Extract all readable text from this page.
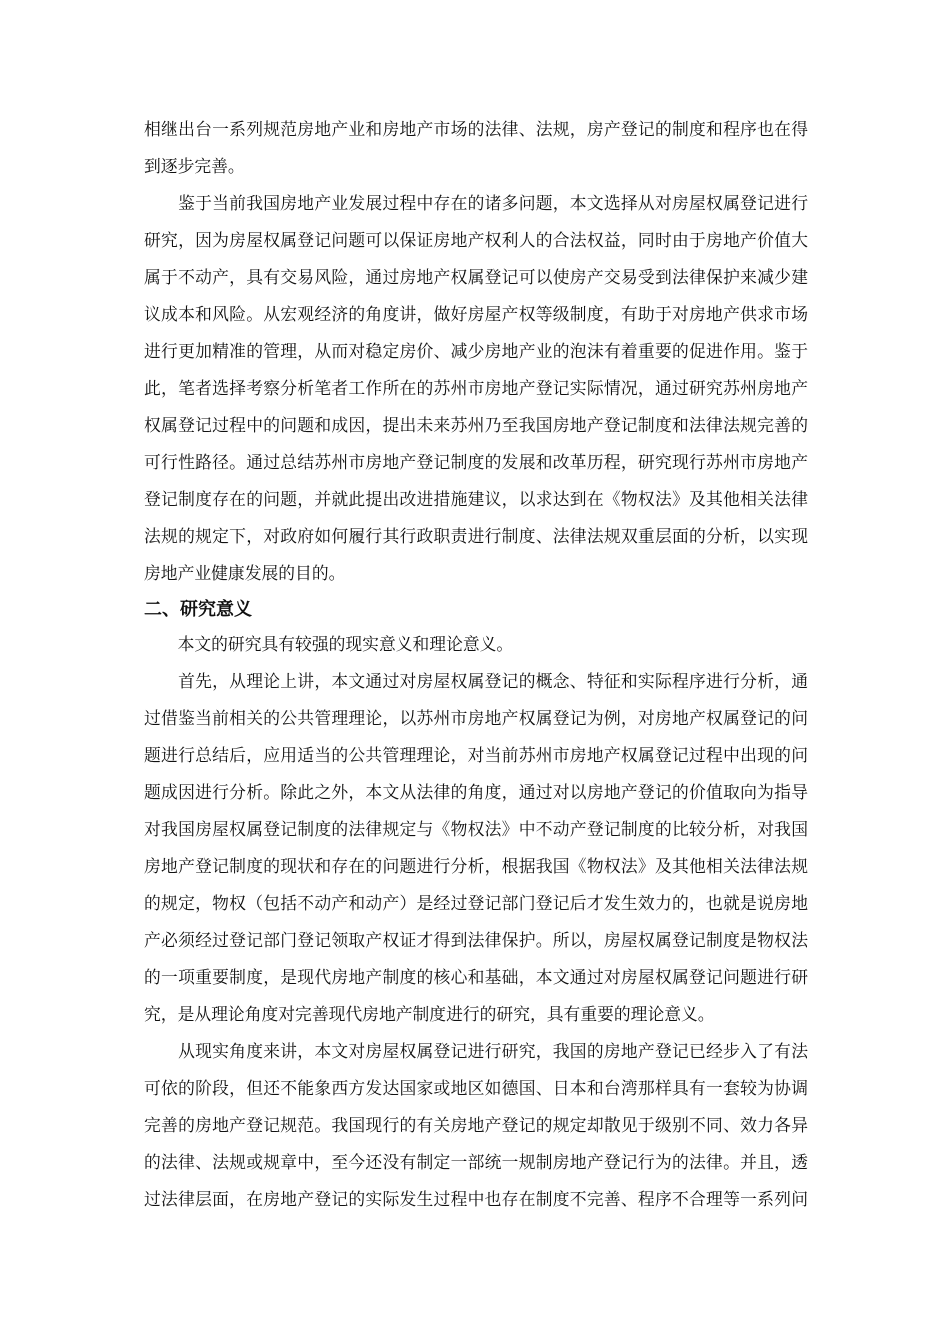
相继出台一系列规范房地产业和房地产市场的法律、法规，房产登记的制度和程序也在得
到逐步完善。
　　鉴于当前我国房地产业发展过程中存在的诸多问题，本文选择从对房屋权属登记进行
研究，因为房屋权属登记问题可以保证房地产权利人的合法权益，同时由于房地产价值大
属于不动产，具有交易风险，通过房地产权属登记可以使房产交易受到法律保护来减少建
议成本和风险。从宏观经济的角度讲，做好房屋产权等级制度，有助于对房地产供求市场
进行更加精准的管理，从而对稳定房价、减少房地产业的泡沫有着重要的促进作用。鉴于
此，笔者选择考察分析笔者工作所在的苏州市房地产登记实际情况，通过研究苏州房地产
权属登记过程中的问题和成因，提出未来苏州乃至我国房地产登记制度和法律法规完善的
可行性路径。通过总结苏州市房地产登记制度的发展和改革历程，研究现行苏州市房地产
登记制度存在的问题，并就此提出改进措施建议，以求达到在《物权法》及其他相关法律
法规的规定下，对政府如何履行其行政职责进行制度、法律法规双重层面的分析，以实现
房地产业健康发展的目的。
二、研究意义
　　本文的研究具有较强的现实意义和理论意义。
　　首先，从理论上讲，本文通过对房屋权属登记的概念、特征和实际程序进行分析，通
过借鉴当前相关的公共管理理论，以苏州市房地产权属登记为例，对房地产权属登记的问
题进行总结后，应用适当的公共管理理论，对当前苏州市房地产权属登记过程中出现的问
题成因进行分析。除此之外，本文从法律的角度，通过对以房地产登记的价值取向为指导
对我国房屋权属登记制度的法律规定与《物权法》中不动产登记制度的比较分析，对我国
房地产登记制度的现状和存在的问题进行分析，根据我国《物权法》及其他相关法律法规
的规定，物权（包括不动产和动产）是经过登记部门登记后才发生效力的，也就是说房地
产必须经过登记部门登记领取产权证才得到法律保护。所以，房屋权属登记制度是物权法
的一项重要制度，是现代房地产制度的核心和基础，本文通过对房屋权属登记问题进行研
究，是从理论角度对完善现代房地产制度进行的研究，具有重要的理论意义。
　　从现实角度来讲，本文对房屋权属登记进行研究，我国的房地产登记已经步入了有法
可依的阶段，但还不能象西方发达国家或地区如德国、日本和台湾那样具有一套较为协调
完善的房地产登记规范。我国现行的有关房地产登记的规定却散见于级别不同、效力各异
的法律、法规或规章中，至今还没有制定一部统一规制房地产登记行为的法律。并且，透
过法律层面，在房地产登记的实际发生过程中也存在制度不完善、程序不合理等一系列问
